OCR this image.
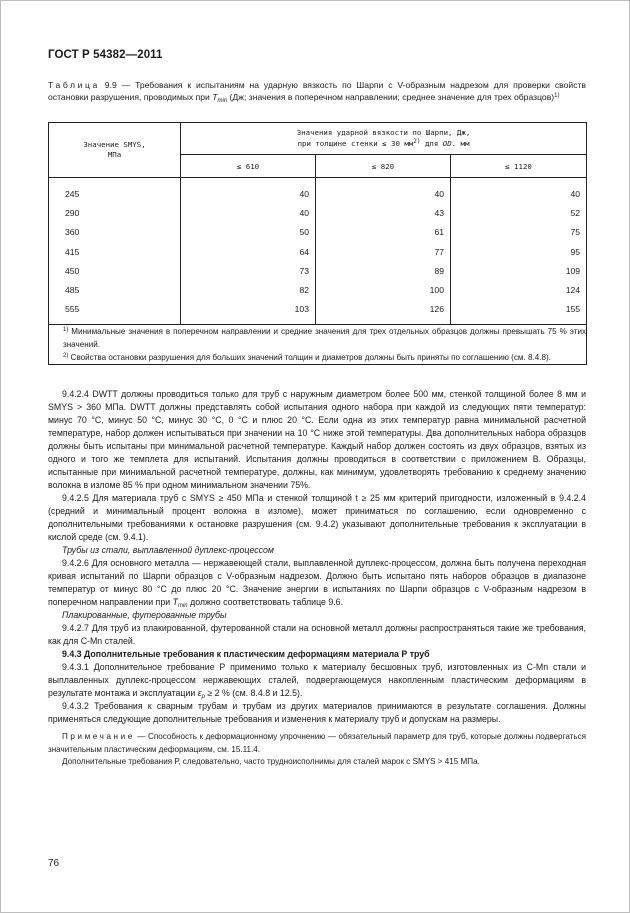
ГОСТ Р 54382—2011
Таблица 9.9 — Требования к испытаниям на ударную вязкость по Шарпи с V-образным надрезом для проверки свойств остановки разрушения, проводимых при $T_{min}$ (Дж; значения в поперечном направлении; среднее значение для трех образцов)$^{1)}$
Значение SMYS,
МПа	Значения ударной вязкости по Шарпи, Дж,
при толщине стенки ≤ 30 $мм^{2)}$ для OD. мм		
	≤ 610	≤ 820	≤ 1120

245	40	40	40
290	40	43	52
360	50	61	75
415	64	77	95
450	73	89	109
485	82	100	124
555	103	126	155

$^{1)}$ Минимальные значения в поперечном направлении и средние значения для трех отдельных образцов должны превышать 75 % этих значений.
$^{2)}$ Свойства остановки разрушения для больших значений толщин и диаметров должны быть приняты по соглашению (см. 8.4.8).			

9.4.2.4 DWTT должны проводиться только для труб с наружным диаметром более 500 мм, стенкой толщиной более 8 мм и SMYS > 360 МПа. DWTT должны представлять собой испытания одного набора при каждой из следующих пяти температур: минус 70 °С, минус 50 °С, минус 30 °С, 0 °С и плюс 20 °С. Если одна из этих температур равна минимальной расчетной температуре, набор должен испытываться при значении на 10 °С ниже этой температуры. Два дополнительных набора образцов должны быть испытаны при минимальной расчетной температуре. Каждый набор должен состоять из двух образцов, взятых из одного и того же темплета для испытаний. Испытания должны проводиться в соответствии с приложением В. Образцы, испытанные при минимальной расчетной температуре, должны, как минимум, удовлетворять требованию к среднему значению волокна в изломе 85 % при одном минимальном значении 75%.

9.4.2.5 Для материала труб с SMYS ≥ 450 МПа и стенкой толщиной t ≥ 25 мм критерий пригодности, изложенный в 9.4.2.4 (средний и минимальный процент волокна в изломе), может приниматься по соглашению, если одновременно с дополнительными требованиями к остановке разрушения (см. 9.4.2) указывают дополнительные требования к эксплуатации в кислой среде (см. 9.4.1).

Трубы из стали, выплавленной дуплекс-процессом

9.4.2.6 Для основного металла — нержавеющей стали, выплавленной дуплекс-процессом, должна быть получена переходная кривая испытаний по Шарпи образцов с V-образным надрезом. Должно быть испытано пять наборов образцов в диапазоне температур от минус 80 °С до плюс 20 °С. Значение энергии в испытаниях по Шарпи образцов с V-образным надрезом в поперечном направлении при $T_{min}$ должно соответствовать таблице 9.6.

Плакированные, футерованные трубы

9.4.2.7 Для труб из плакированной, футерованной стали на основной металл должны распространяться такие же требования, как для С-Mn сталей.

9.4.3 Дополнительные требования к пластическим деформациям материала Р труб

9.4.3.1 Дополнительное требование Р применимо только к материалу бесшовных труб, изготовленных из С-Mn стали и выплавленных дуплекс-процессом нержавеющих сталей, подвергающемуся накопленным пластическим деформациям в результате монтажа и эксплуатации $\varepsilon_p \ge 2$ % (см. 8.4.8 и 12.5).

9.4.3.2 Требования к сварным трубам и трубам из других материалов принимаются в результате соглашения. Должны применяться следующие дополнительные требования и изменения к материалу труб и допускам на размеры.

Примечание — Способность к деформационному упрочнению — обязательный параметр для труб, которые должны подвергаться значительным пластическим деформациям, см. 15.11.4.

Дополнительные требования Р, следовательно, часто трудноисполнимы для сталей марок с SMYS > 415 МПа.

76
